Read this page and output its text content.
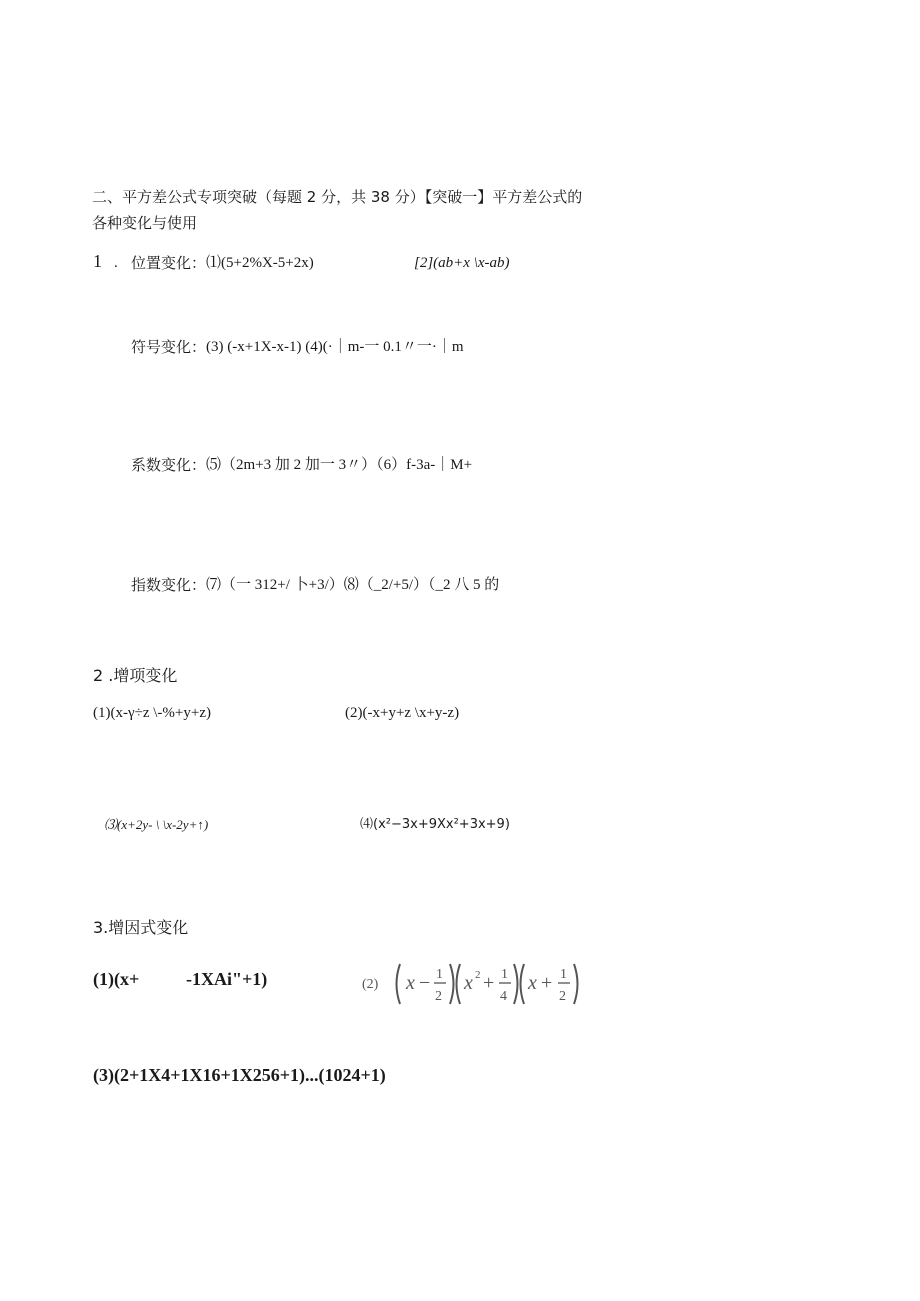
二、平方差公式专项突破（每题 2 分，共 38 分）【突破一】平方差公式的
各种变化与使用
1 . 位置变化： ⑴(5+2%X-5+2x)	[2](ab+x \x-ab)
符号变化： (3) (-x+1X-x-1) (4)(·｜m-一 0.1〃一·｜m
系数变化： ⑸（2m+3 加 2 加一 3〃）（6）f-3a-｜M+
指数变化： ⑺（一 312+/ 卜+3/）⑻（_2/+5/）（_2 八 5 的
2 .增项变化
(1)(x-γ÷z \-%+y+z)	(2)(-x+y+z \x+y-z)
⑶(x+2y- \ \x-2y+↑)	⑷(x²−3x+9Xx²+3x+9)
3.增因式变化
(1)(x+	-1XAi"+1)	(2) x − 1
2
x 2 + 1
4
x + 1
2
(3)(2+1X4+1X16+1X256+1)...(1024+1)
